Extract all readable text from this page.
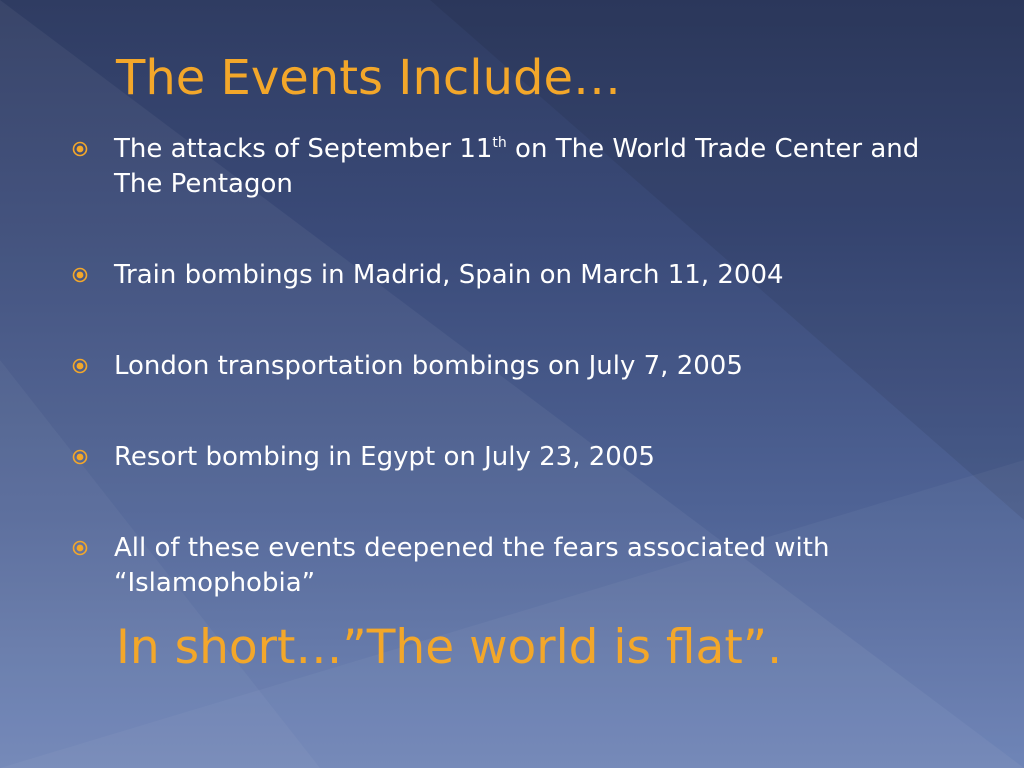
The Events Include…
The attacks of September 11th on The World Trade Center and The Pentagon
Train bombings in Madrid, Spain on March 11, 2004
London transportation bombings on July 7, 2005
Resort bombing in Egypt on July 23, 2005
All of these events deepened the fears associated with “Islamophobia”

In short…”The world is flat”.
